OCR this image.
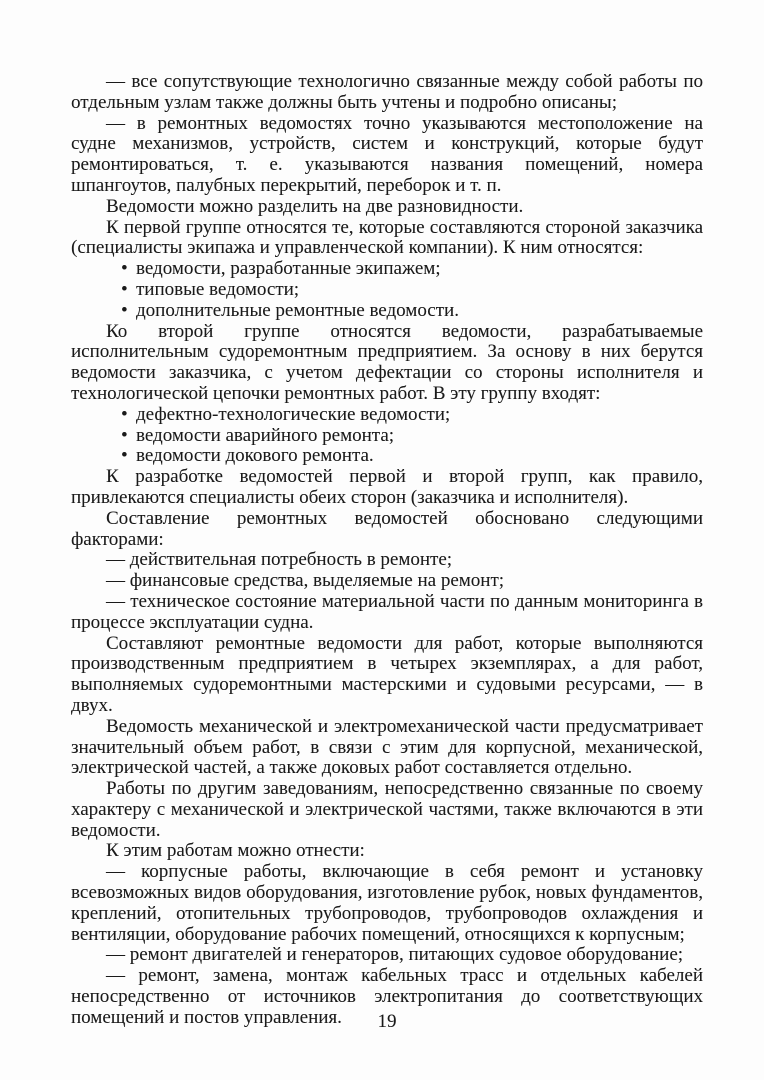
— все сопутствующие технологично связанные между собой работы по отдельным узлам также должны быть учтены и подробно описаны;

— в ремонтных ведомостях точно указываются местоположение на судне механизмов, устройств, систем и конструкций, которые будут ремонтироваться, т. е. указываются названия помещений, номера шпангоутов, палубных перекрытий, переборок и т. п.

Ведомости можно разделить на две разновидности.

К первой группе относятся те, которые составляются стороной заказчика (специалисты экипажа и управленческой компании). К ним относятся:

• ведомости, разработанные экипажем;

• типовые ведомости;

• дополнительные ремонтные ведомости.

Ко второй группе относятся ведомости, разрабатываемые исполнительным судоремонтным предприятием. За основу в них берутся ведомости заказчика, с учетом дефектации со стороны исполнителя и технологической цепочки ремонтных работ. В эту группу входят:

• дефектно-технологические ведомости;

• ведомости аварийного ремонта;

• ведомости докового ремонта.

К разработке ведомостей первой и второй групп, как правило, привлекаются специалисты обеих сторон (заказчика и исполнителя).

Составление ремонтных ведомостей обосновано следующими факторами:

— действительная потребность в ремонте;

— финансовые средства, выделяемые на ремонт;

— техническое состояние материальной части по данным мониторинга в процессе эксплуатации судна.

Составляют ремонтные ведомости для работ, которые выполняются производственным предприятием в четырех экземплярах, а для работ, выполняемых судоремонтными мастерскими и судовыми ресурсами, — в двух.

Ведомость механической и электромеханической части предусматривает значительный объем работ, в связи с этим для корпусной, механической, электрической частей, а также доковых работ составляется отдельно.

Работы по другим заведованиям, непосредственно связанные по своему характеру с механической и электрической частями, также включаются в эти ведомости.

К этим работам можно отнести:

— корпусные работы, включающие в себя ремонт и установку всевозможных видов оборудования, изготовление рубок, новых фундаментов, креплений, отопительных трубопроводов, трубопроводов охлаждения и вентиляции, оборудование рабочих помещений, относящихся к корпусным;

— ремонт двигателей и генераторов, питающих судовое оборудование;

— ремонт, замена, монтаж кабельных трасс и отдельных кабелей непосредственно от источников электропитания до соответствующих помещений и постов управления.	19
